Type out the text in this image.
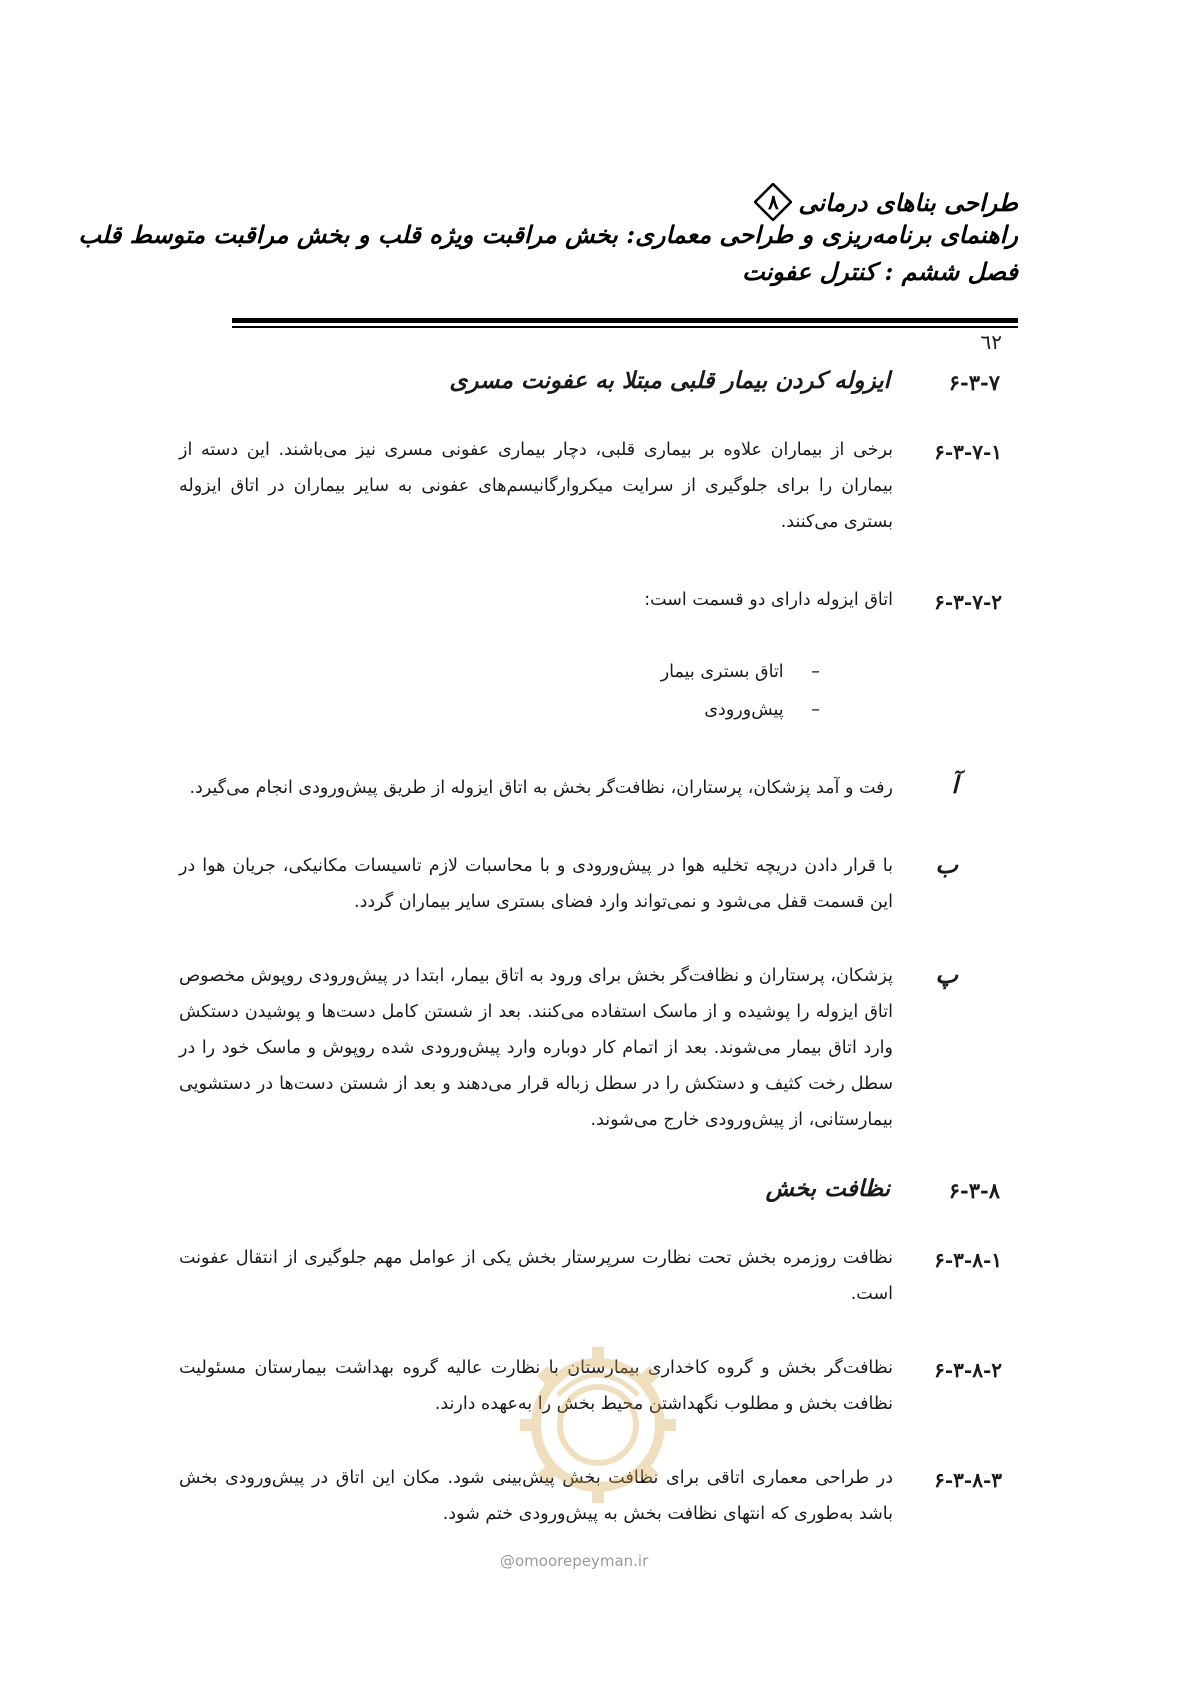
طراحی بناهای درمانی
۸
راهنمای برنامه‌ریزی و طراحی معماری: بخش مراقبت ویژه قلب و بخش مراقبت متوسط قلب
فصل ششم : کنترل عفونت
٦٢
۶-۳-۷
ایزوله کردن بیمار قلبی مبتلا به عفونت مسری
۶-۳-۷-۱
برخی از بیماران علاوه بر بیماری قلبی، دچار بیماری عفونی مسری نیز می‌باشند. این دسته از بیماران را برای جلوگیری از سرایت میکروارگانیسم‌های عفونی به سایر بیماران در اتاق ایزوله بستری می‌کنند.
۶-۳-۷-۲
اتاق ایزوله دارای دو قسمت است:
– اتاق بستری بیمار
– پیش‌ورودی
آ
رفت و آمد پزشکان، پرستاران، نظافت‌گر بخش به اتاق ایزوله از طریق پیش‌ورودی انجام می‌گیرد.
ب
با قرار دادن دریچه تخلیه هوا در پیش‌ورودی و با محاسبات لازم تاسیسات مکانیکی، جریان هوا در این قسمت قفل می‌شود و نمی‌تواند وارد فضای بستری سایر بیماران گردد.
پ
پزشکان، پرستاران و نظافت‌گر بخش برای ورود به اتاق بیمار، ابتدا در پیش‌ورودی روپوش مخصوص اتاق ایزوله را پوشیده و از ماسک استفاده می‌کنند. بعد از شستن کامل دست‌ها و پوشیدن دستکش وارد اتاق بیمار می‌شوند. بعد از اتمام کار دوباره وارد پیش‌ورودی شده روپوش و ماسک خود را در سطل رخت کثیف و دستکش را در سطل زباله قرار می‌دهند و بعد از شستن دست‌ها در دستشویی بیمارستانی، از پیش‌ورودی خارج می‌شوند.
۶-۳-۸
نظافت بخش
۶-۳-۸-۱
نظافت روزمره بخش تحت نظارت سرپرستار بخش یکی از عوامل مهم جلوگیری از انتقال عفونت است.
۶-۳-۸-۲
نظافت‌گر بخش و گروه کاخداری بیمارستان با نظارت عالیه گروه بهداشت بیمارستان مسئولیت نظافت بخش و مطلوب نگهداشتن محیط بخش را به‌عهده دارند.
۶-۳-۸-۳
در طراحی معماری اتاقی برای نظافت بخش پیش‌بینی شود. مکان این اتاق در پیش‌ورودی بخش باشد به‌طوری که انتهای نظافت بخش به پیش‌ورودی ختم شود.
@omoorepeyman.ir
